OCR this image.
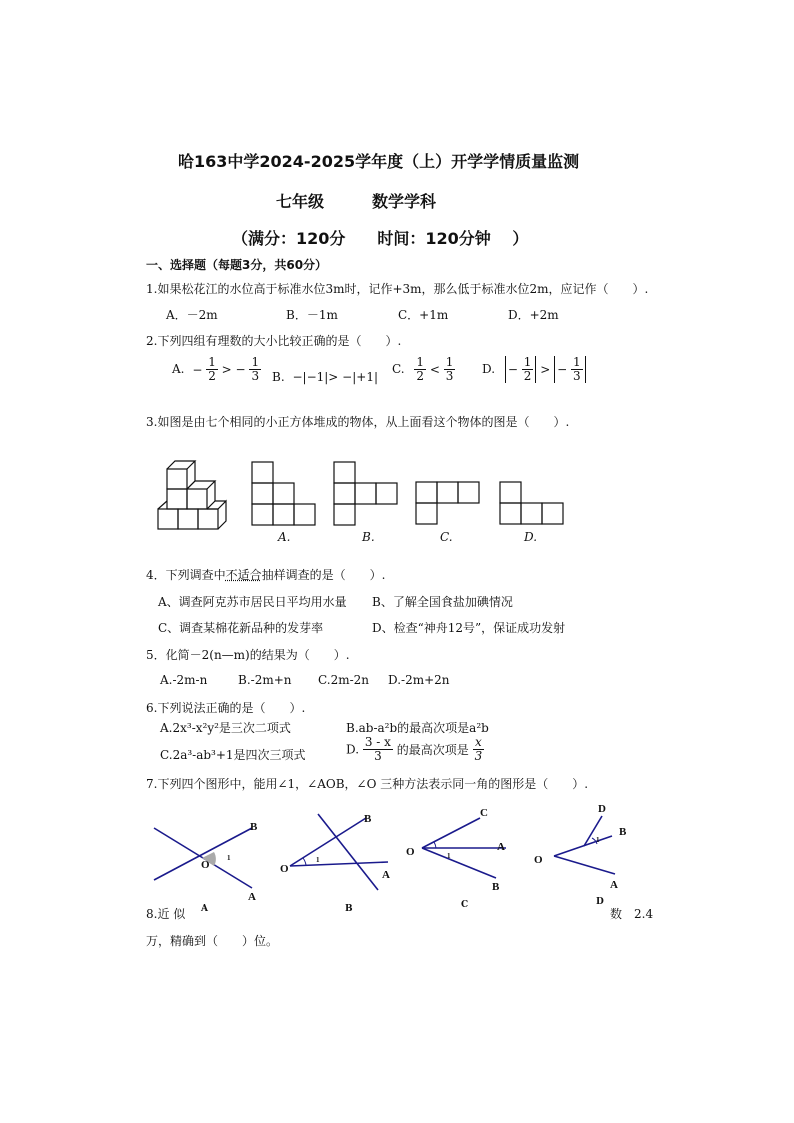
哈163中学2024-2025学年度（上）开学学情质量监测
七年级　　　数学学科
（满分：120分　　时间：120分钟　 ）
一、选择题（每题3分，共60分）
1.如果松花江的水位高于标准水位3m时，记作+3m，那么低于标准水位2m，应记作（　　）.
A．－2m	B．－1m	C．+1m	D．+2m
2.下列四组有理数的大小比较正确的是（　　）.
A. − $\frac{1}{2}$ > − $\frac{1}{3} B$. −|−1|> −|+1|
C. $\frac{1}{2} < \frac{1}{3} D$. − $\frac{1}{2}$ > − $\frac{1}{3}$
3.如图是由七个相同的小正方体堆成的物体，从上面看这个物体的图是（　　）.
A.	B.	C.	D.
4．下列调查中不适合抽样调查的是（　　）.
A、调查阿克苏市居民日平均用水量 B、了解全国食盐加碘情况
C、调查某棉花新品种的发芽率	D、检查“神舟12号”，保证成功发射
5．化简－2(n—m)的结果为（　　）.
A.-2m-n	B.-2m+n C.2m-2n D.-2m+2n
6.下列说法正确的是（　　）.
A.2x³-x²y²是三次二项式	B.ab-a²b的最高次项是a²b
C.2a³-ab³+1是四次三项式	D. $\frac{3 - x}{3}$ 的最高次项是 $\frac{x}{3}$
7.下列四个图形中，能用∠1，∠AOB，∠O 三种方法表示同一角的图形是（　　）.
O
1
B
A
O
1
B
A
O	1
C
A
B
O
1
D
B
A
8.近 似 A	B	C	D
数　2.4
万，精确到（　　）位。
